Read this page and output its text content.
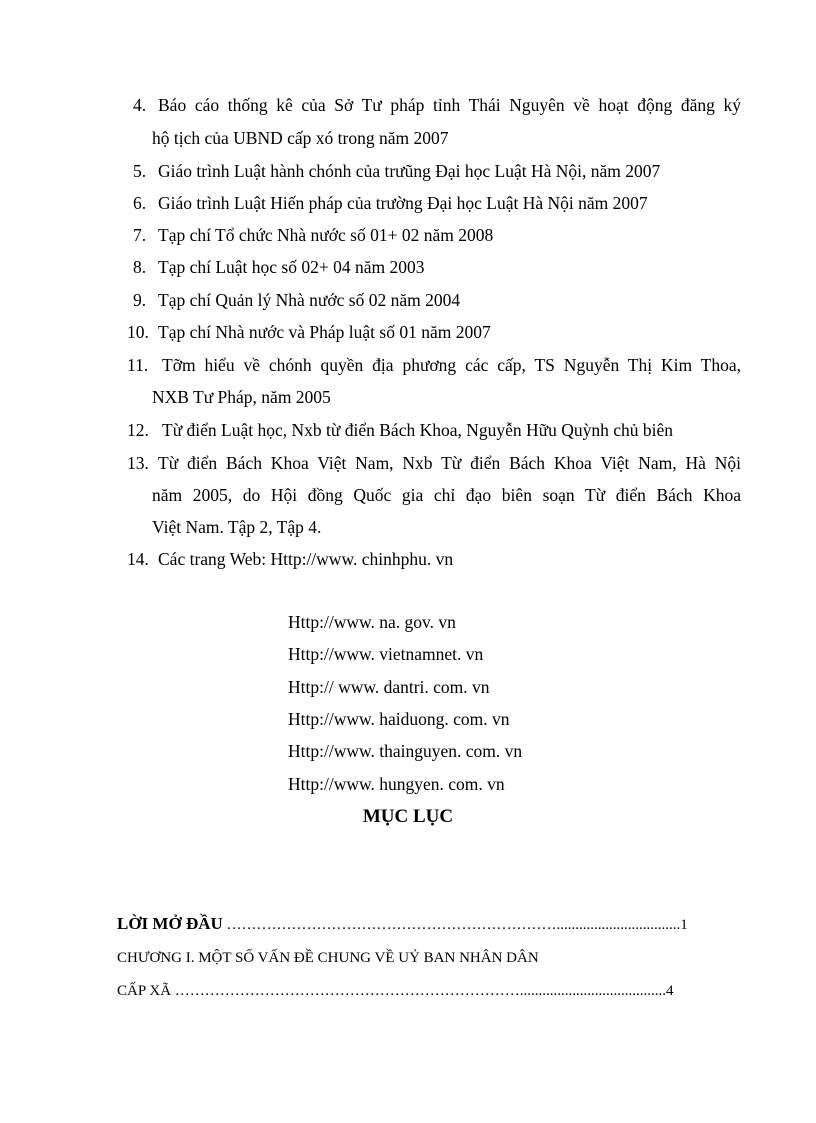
4. Báo cáo thống kê của Sở Tư pháp tỉnh Thái Nguyên về hoạt động đăng ký
hộ tịch của UBND cấp xó trong năm 2007
5. Giáo trình Luật hành chónh của trưũng Đại học Luật Hà Nội, năm 2007
6. Giáo trình Luật Hiến pháp của trường Đại học Luật Hà Nội năm 2007
7. Tạp chí Tổ chức Nhà nước số 01+ 02 năm 2008
8. Tạp chí Luật học số 02+ 04 năm 2003
9. Tạp chí Quản lý Nhà nước số 02 năm 2004
10. Tạp chí Nhà nước và Pháp luật số 01 năm 2007
11. Tỡm hiểu về chónh quyền địa phương các cấp, TS Nguyễn Thị Kim Thoa,
NXB Tư Pháp, năm 2005
12. Từ điển Luật học, Nxb từ điển Bách Khoa, Nguyễn Hữu Quỳnh chủ biên
13. Từ điển Bách Khoa Việt Nam, Nxb Từ điển Bách Khoa Việt Nam, Hà Nội
năm 2005, do Hội đồng Quốc gia chỉ đạo biên soạn Từ điển Bách Khoa
Việt Nam. Tập 2, Tập 4.
14. Các trang Web: Http://www. chinhphu. vn
Http://www. na. gov. vn
Http://www. vietnamnet. vn
Http:// www. dantri. com. vn
Http://www. haiduong. com. vn
Http://www. thainguyen. com. vn
Http://www. hungyen. com. vn
MỤC LỤC
LỜI MỞ ĐẦU ………………………………………………………….................................1
CHƯƠNG I. MỘT SỐ VẤN ĐỀ CHUNG VỀ UỶ BAN NHÂN DÂN
CẤP XÃ …………………………………………………………….......................................4
